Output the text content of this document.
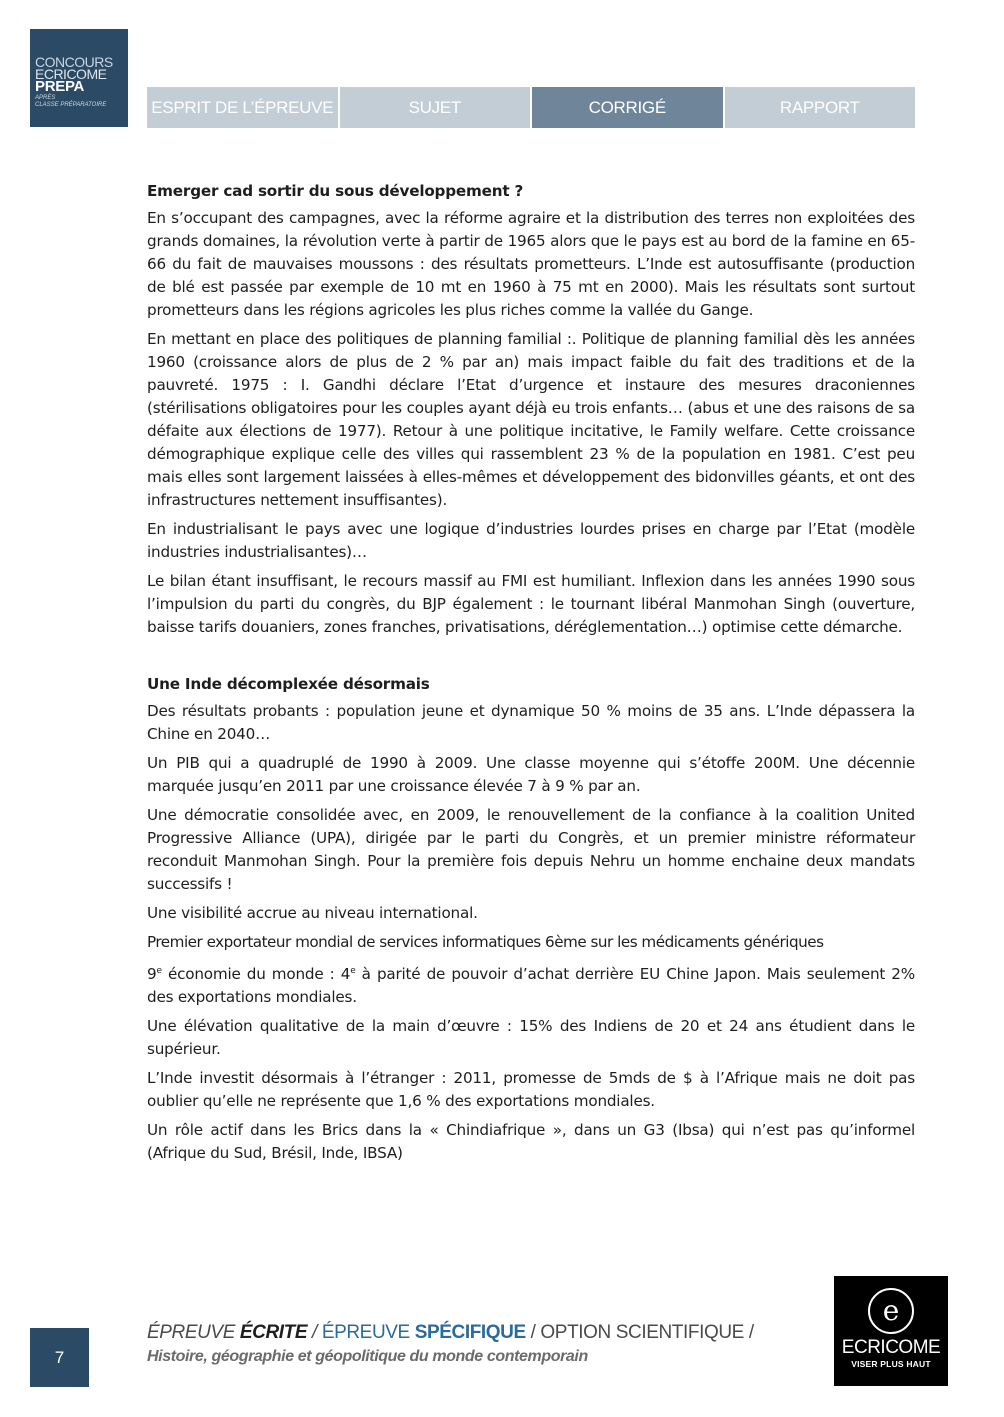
CONCOURS
ECRICOME
PREPA
APRÈS
CLASSE PRÉPARATOIRE	ESPRIT DE L’ÉPREUVE	SUJET	CORRIGÉ	RAPPORT
Emerger cad sortir du sous développement ?

En s’occupant des campagnes, avec la réforme agraire et la distribution des terres non exploitées des grands domaines, la révolution verte à partir de 1965 alors que le pays est au bord de la famine en 65-66 du fait de mauvaises moussons : des résultats prometteurs. L’Inde est autosuffisante (production de blé est passée par exemple de 10 mt en 1960 à 75 mt en 2000). Mais les résultats sont surtout prometteurs dans les régions agricoles les plus riches comme la vallée du Gange.

En mettant en place des politiques de planning familial :. Politique de planning familial dès les années 1960 (croissance alors de plus de 2 % par an) mais impact faible du fait des traditions et de la pauvreté. 1975 : I. Gandhi déclare l’Etat d’urgence et instaure des mesures draconiennes (stérilisations obligatoires pour les couples ayant déjà eu trois enfants… (abus et une des raisons de sa défaite aux élections de 1977). Retour à une politique incitative, le Family welfare. Cette croissance démographique explique celle des villes qui rassemblent 23 % de la population en 1981. C’est peu mais elles sont largement laissées à elles-mêmes et développement des bidonvilles géants, et ont des infrastructures nettement insuffisantes).

En industrialisant le pays avec une logique d’industries lourdes prises en charge par l’Etat (modèle industries industrialisantes)…

Le bilan étant insuffisant, le recours massif au FMI est humiliant. Inflexion dans les années 1990 sous l’impulsion du parti du congrès, du BJP également : le tournant libéral Manmohan Singh (ouverture, baisse tarifs douaniers, zones franches, privatisations, déréglementation…) optimise cette démarche.

Une Inde décomplexée désormais

Des résultats probants : population jeune et dynamique 50 % moins de 35 ans. L’Inde dépassera la Chine en 2040…

Un PIB qui a quadruplé de 1990 à 2009. Une classe moyenne qui s’étoffe 200M. Une décennie marquée jusqu’en 2011 par une croissance élevée 7 à 9 % par an.

Une démocratie consolidée avec, en 2009, le renouvellement de la confiance à la coalition United Progressive Alliance (UPA), dirigée par le parti du Congrès, et un premier ministre réformateur reconduit Manmohan Singh. Pour la première fois depuis Nehru un homme enchaine deux mandats successifs !

Une visibilité accrue au niveau international.

Premier exportateur mondial de services informatiques 6ème sur les médicaments génériques

9e économie du monde : 4e à parité de pouvoir d’achat derrière EU Chine Japon. Mais seulement 2% des exportations mondiales.

Une élévation qualitative de la main d’œuvre : 15% des Indiens de 20 et 24 ans étudient dans le supérieur.

L’Inde investit désormais à l’étranger : 2011, promesse de 5mds de $ à l’Afrique mais ne doit pas oublier qu’elle ne représente que 1,6 % des exportations mondiales.

Un rôle actif dans les Brics dans la « Chindiafrique », dans un G3 (Ibsa) qui n’est pas qu’informel (Afrique du Sud, Brésil, Inde, IBSA)

7
ÉPREUVE ÉCRITE / ÉPREUVE SPÉCIFIQUE / OPTION SCIENTIFIQUE /
Histoire, géographie et géopolitique du monde contemporain
e
ECRICOME
VISER PLUS HAUT
